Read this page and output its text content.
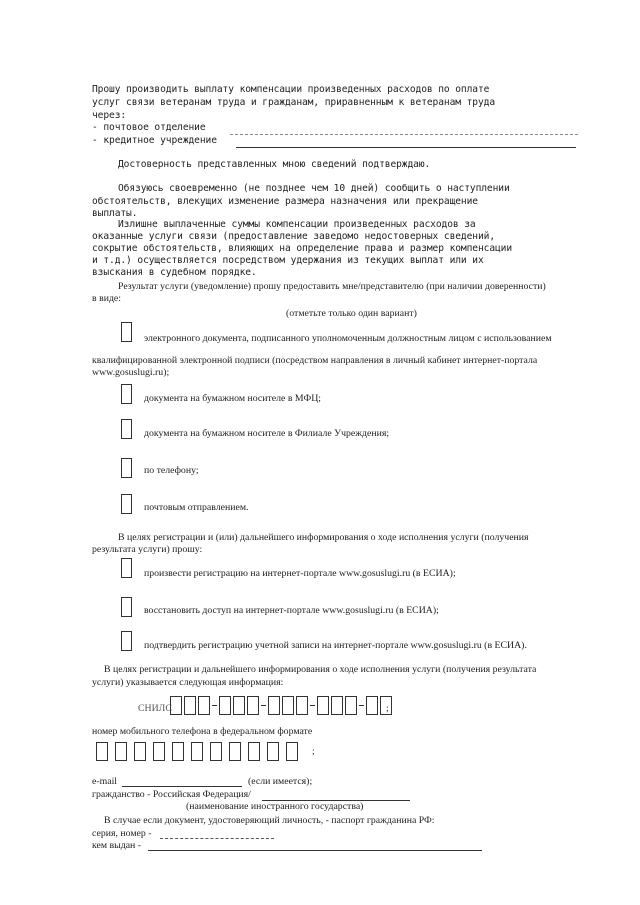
Прошу производить выплату компенсации произведенных расходов по оплате
услуг связи ветеранам труда и гражданам, приравненным к ветеранам труда
через:
- почтовое отделение
- кредитное учреждение
Достоверность представленных мною сведений подтверждаю.
Обязуюсь своевременно (не позднее чем 10 дней) сообщить о наступлении
обстоятельств, влекущих изменение размера назначения или прекращение
выплаты.
Излишне выплаченные суммы компенсации произведенных расходов за
оказанные услуги связи (предоставление заведомо недостоверных сведений,
сокрытие обстоятельств, влияющих на определение права и размер компенсации
и т.д.) осуществляется посредством удержания из текущих выплат или их
взыскания в судебном порядке.
Результат услуги (уведомление) прошу предоставить мне/представителю (при наличии доверенности)
в виде:
(отметьте только один вариант)
электронного документа, подписанного уполномоченным должностным лицом с использованием
квалифицированной электронной подписи (посредством направления в личный кабинет интернет-портала
www.gosuslugi.ru);
документа на бумажном носителе в МФЦ;
документа на бумажном носителе в Филиале Учреждения;
по телефону;
почтовым отправлением.
В целях регистрации и (или) дальнейшего информирования о ходе исполнения услуги (получения
результата услуги) прошу:
произвести регистрацию на интернет-портале www.gosuslugi.ru (в ЕСИА);
восстановить доступ на интернет-портале www.gosuslugi.ru (в ЕСИА);
подтвердить регистрацию учетной записи на интернет-портале www.gosuslugi.ru (в ЕСИА).
В целях регистрации и дальнейшего информирования о ходе исполнения услуги (получения результата
услуги) указывается следующая информация:
СНИЛС	;
номер мобильного телефона в федеральном формате
;
e-mail	(если имеется);
гражданство - Российская Федерация/
(наименование иностранного государства)
В случае если документ, удостоверяющий личность, - паспорт гражданина РФ:
серия, номер -
кем выдан -
